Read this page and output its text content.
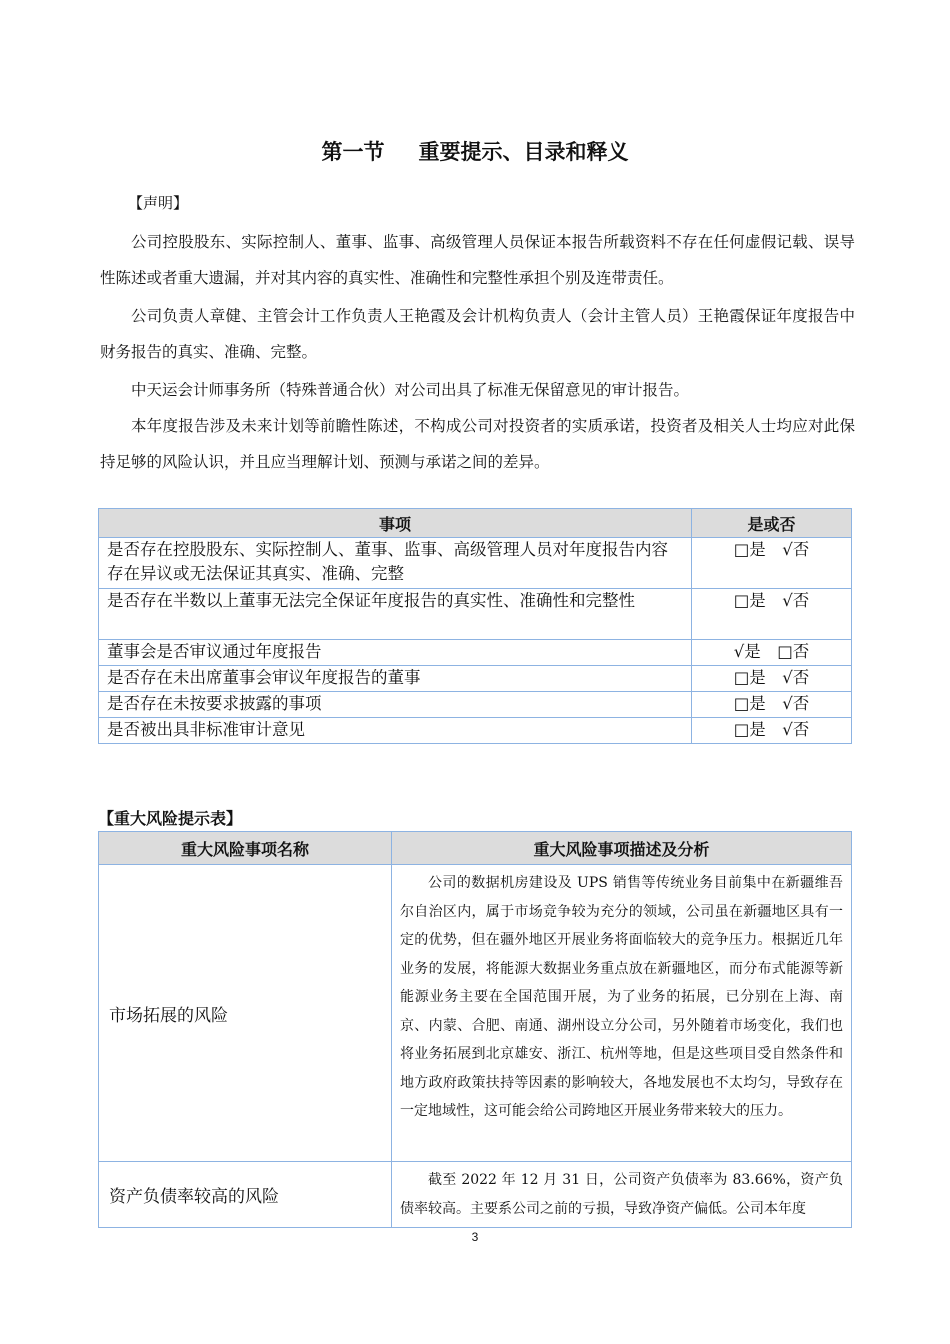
第一节 重要提示、目录和释义
【声明】

公司控股股东、实际控制人、董事、监事、高级管理人员保证本报告所载资料不存在任何虚假记载、误导性陈述或者重大遗漏，并对其内容的真实性、准确性和完整性承担个别及连带责任。

公司负责人章健、主管会计工作负责人王艳霞及会计机构负责人（会计主管人员）王艳霞保证年度报告中财务报告的真实、准确、完整。

中天运会计师事务所（特殊普通合伙）对公司出具了标准无保留意见的审计报告。

本年度报告涉及未来计划等前瞻性陈述，不构成公司对投资者的实质承诺，投资者及相关人士均应对此保持足够的风险认识，并且应当理解计划、预测与承诺之间的差异。

事项	是或否
是否存在控股股东、实际控制人、董事、监事、高级管理人员对年度报告内容存在异议或无法保证其真实、准确、完整	□是　√否
是否存在半数以上董事无法完全保证年度报告的真实性、准确性和完整性	□是　√否
董事会是否审议通过年度报告	√是　□否
是否存在未出席董事会审议年度报告的董事	□是　√否
是否存在未按要求披露的事项	□是　√否
是否被出具非标准审计意见	□是　√否
【重大风险提示表】
重大风险事项名称	重大风险事项描述及分析
市场拓展的风险	公司的数据机房建设及 UPS 销售等传统业务目前集中在新疆维吾尔自治区内，属于市场竞争较为充分的领域，公司虽在新疆地区具有一定的优势，但在疆外地区开展业务将面临较大的竞争压力。根据近几年业务的发展，将能源大数据业务重点放在新疆地区，而分布式能源等新能源业务主要在全国范围开展，为了业务的拓展，已分别在上海、南京、内蒙、合肥、南通、湖州设立分公司，另外随着市场变化，我们也将业务拓展到北京雄安、浙江、杭州等地，但是这些项目受自然条件和地方政府政策扶持等因素的影响较大，各地发展也不太均匀，导致存在一定地域性，这可能会给公司跨地区开展业务带来较大的压力。
资产负债率较高的风险	截至 2022 年 12 月 31 日，公司资产负债率为 83.66%，资产负债率较高。主要系公司之前的亏损，导致净资产偏低。公司本年度
3
